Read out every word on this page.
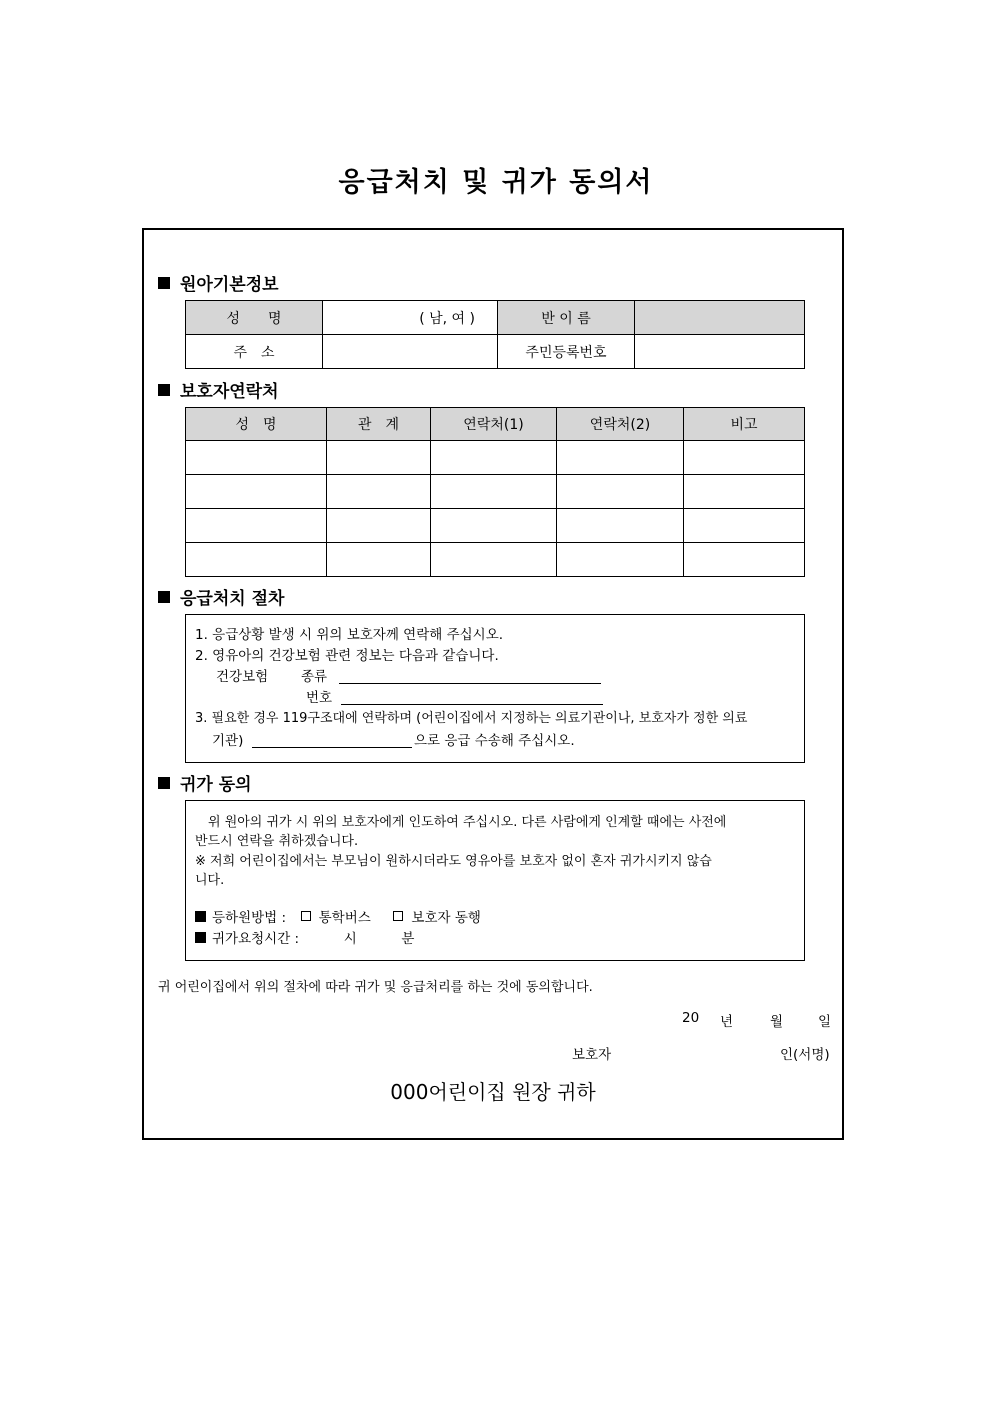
응급처치 및 귀가 동의서
원아기본정보
성　　명	( 남, 여 )	반 이 름	
주　소		주민등록번호	
보호자연락처
성　명	관　계	연락처(1)	연락처(2)	비고

응급처치 절차
1. 응급상황 발생 시 위의 보호자께 연락해 주십시오.
2. 영유아의 건강보험 관련 정보는 다음과 같습니다.
건강보험 종류
번호
3. 필요한 경우 119구조대에 연락하며 (어린이집에서 지정하는 의료기관이나, 보호자가 정한 의료
기관)	으로 응급 수송해 주십시오.
귀가 동의
위 원아의 귀가 시 위의 보호자에게 인도하여 주십시오. 다른 사람에게 인계할 때에는 사전에
반드시 연락을 취하겠습니다.
※ 저희 어린이집에서는 부모님이 원하시더라도 영유아를 보호자 없이 혼자 귀가시키지 않습
니다.
등하원방법 : 통학버스	보호자 동행
귀가요청시간 :	시	분
귀 어린이집에서 위의 절차에 따라 귀가 및 응급처리를 하는 것에 동의합니다.
20 년	월	일
보호자	인(서명)
000어린이집 원장 귀하
